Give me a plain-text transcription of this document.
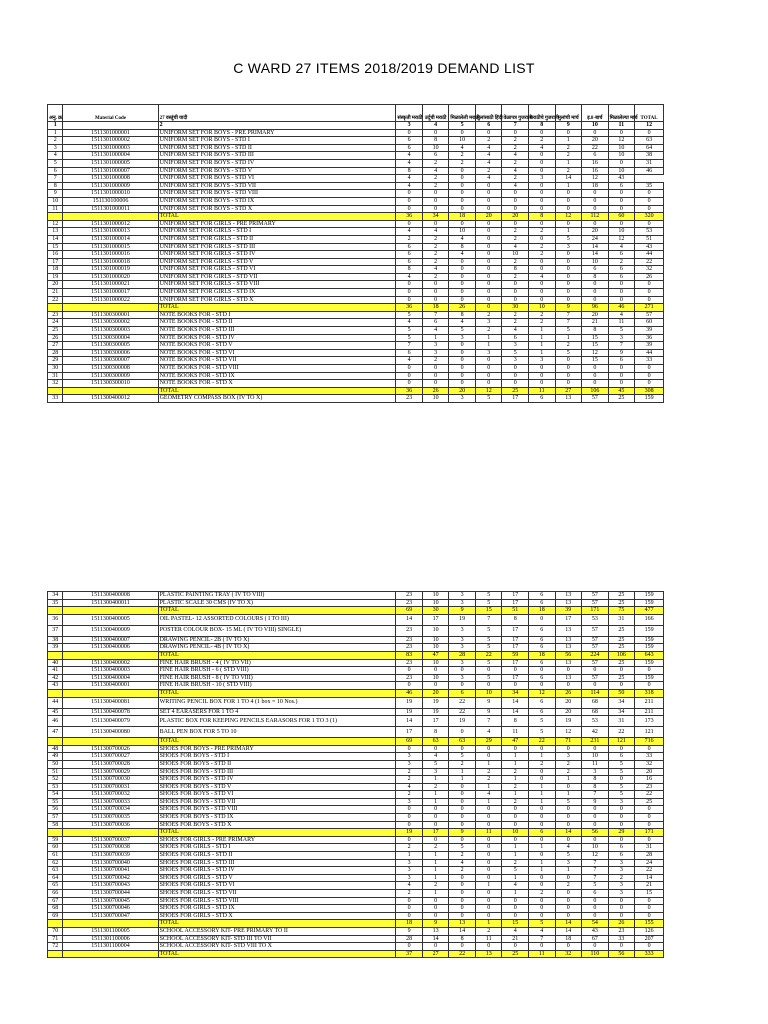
C WARD 27 ITEMS 2018/2019 DEMAND LIST
अनु. क्र.	Material Code	27 वस्तूंची यादी	संस्कृती मराठी	उर्दूची मराठी	मिळालेली मराठी	मुलांसाठी हिंदी	वेळापत्र गुजराती	मराठीचे गुजराती	मुलांची मार्च	इ.8-बार्च	मिळालेल्या मार्च	TOTAL
1		2	3	4	5	6	7	8	9	10	11	12
1	1511301000001	UNIFORM SET FOR BOYS - PRE PRIMARY	0	0	0	0	0	0	0	0	0	0
2	1511301000002	UNIFORM SET FOR BOYS - STD I	6	8	10	2	2	2	1	20	12	63
3	1511301000003	UNIFORM SET FOR BOYS - STD II	6	10	4	4	2	4	2	22	10	64
4	1511301000004	UNIFORM SET FOR BOYS - STD III	4	6	2	4	4	0	2	6	10	38
5	1511301000005	UNIFORM SET FOR BOYS - STD IV	4	2	2	4	2	0	1	16	0	31
6	1511301000007	UNIFORM SET FOR BOYS - STD V	8	4	0	2	4	0	2	16	10	46
7	1511301000008	UNIFORM SET FOR BOYS - STD VI	4	2	0	4	2	3	14	12	43	
8	1511301000009	UNIFORM SET FOR BOYS - STD VII	4	2	0	0	4	0	1	18	6	35
9	1511301000010	UNIFORM SET FOR BOYS - STD VIII	0	0	0	0	0	0	0	0	0	0
10	151130100006	UNIFORM SET FOR BOYS - STD IX	0	0	0	0	0	0	0	0	0	0
11	1511301000011	UNIFORM SET FOR BOYS - STD X	0	0	0	0	0	0	0	0	0	0
		TOTAL	36	34	18	20	20	8	12	112	60	320
12	1511301000012	UNIFORM SET FOR GIRLS - PRE PRIMARY	0	0	0	0	0	0	0	0	0	0
13	1511301000013	UNIFORM SET FOR GIRLS - STD I	4	4	10	0	2	2	1	20	10	53
14	1511301000014	UNIFORM SET FOR GIRLS - STD II	2	2	4	0	2	0	5	24	12	51
15	1511301000015	UNIFORM SET FOR GIRLS - STD III	6	2	8	0	4	2	3	14	4	43
16	1511301000016	UNIFORM SET FOR GIRLS - STD IV	6	2	4	0	10	2	0	14	6	44
17	1511301000018	UNIFORM SET FOR GIRLS - STD V	6	2	0	0	2	0	0	10	2	22
18	1511301000019	UNIFORM SET FOR GIRLS - STD VI	8	4	0	0	8	0	0	6	6	32
19	1511301000020	UNIFORM SET FOR GIRLS - STD VII	4	2	0	0	2	4	0	8	6	26
20	1511301000021	UNIFORM SET FOR GIRLS - STD VIII	0	0	0	0	0	0	0	0	0	0
21	1511301000017	UNIFORM SET FOR GIRLS - STD IX	0	0	0	0	0	0	0	0	0	0
22	1511301000022	UNIFORM SET FOR GIRLS - STD X	0	0	0	0	0	0	0	0	0	0
		TOTAL	36	18	26	0	30	10	9	96	46	271
23	1511300300001	NOTE BOOKS FOR - STD I	5	7	8	2	2	2	7	20	4	57
24	1511300300002	NOTE BOOKS FOR - STD II	4	6	4	3	2	2	7	21	11	60
25	1511300300003	NOTE BOOKS FOR - STD III	5	4	5	2	4	1	5	8	5	39
26	1511300300004	NOTE BOOKS FOR - STD IV	5	1	3	1	6	1	1	15	3	36
27	1511300300005	NOTE BOOKS FOR - STD V	7	3	0	1	3	1	2	15	7	39
28	1511300300006	NOTE BOOKS FOR - STD VI	6	3	0	3	5	1	5	12	9	44
29	1511300300007	NOTE BOOKS FOR - STD VII	4	2	0	0	3	3	0	15	6	33
30	1511300300008	NOTE BOOKS FOR - STD VIII	0	0	0	0	0	0	0	0	0	0
31	1511300300009	NOTE BOOKS FOR - STD IX	0	0	0	0	0	0	0	0	0	0
32	1511300300010	NOTE BOOKS FOR - STD X	0	0	0	0	0	0	0	0	0	0
		TOTAL	36	26	20	12	25	11	27	106	45	308
33	1511300400012	GEOMETRY COMPASS BOX (IV TO X)	23	10	3	5	17	6	13	57	25	159
34	1511300400008	PLASTIC PAINTING TRAY ( IV TO VIII)	23	10	3	5	17	6	13	57	25	159
35	1511300400011	PLASTIC SCALE 30 CMS (IV TO X)	23	10	3	5	17	6	13	57	25	159
		TOTAL	69	30	9	15	51	18	39	171	75	477
36	1511300400005	OIL PASTEL- 12 ASSORTED COLOURS ( I TO III)	14	17	19	7	8	0	17	53	31	166
37	1511300400009	POSTER COLOUR BOX- 15 ML ( IV TO VIII) SINGLE)	23	10	3	5	17	6	13	57	25	159
38	1511300400007	DRAWING PENCIL- 2B ( IV TO X)	23	10	3	5	17	6	13	57	25	159
39	1511300400006	DRAWING PENCIL- 4B ( IV TO X)	23	10	3	5	17	6	13	57	25	159
		TOTAL	83	47	28	22	59	18	56	224	106	643
40	1511300400002	FINE HAIR BRUSH - 4 ( IV TO VII)	23	10	3	5	17	6	13	57	25	159
41	1511300400003	FINE HAIR BRUSH - 6 ( STD VIII)	0	0	0	0	0	0	0	0	0	0
42	1511300400004	FINE HAIR BRUSH - 8 ( IV TO VIII)	23	10	3	5	17	6	13	57	25	159
43	1511300400001	FINE HAIR BRUSH - 10 ( STD VIII)	0	0	0	0	0	0	0	0	0	0
		TOTAL	46	20	6	10	34	12	26	114	50	318
44	1511300400081	WRITING PENCIL BOX FOR 1 TO 4 (1 box = 10 Nos.)	19	19	22	9	14	6	20	68	34	211
45	1511300400078	SET 4 EARASERS FOR 1 TO 4	19	19	22	9	14	6	20	68	34	211
46	1511300400079	PLASTIC BOX FOR KEEPING PENCILS EARASORS FOR 1 TO 3 (1)	14	17	19	7	8	5	19	53	31	173
47	1511300400080	BALL PEN BOX FOR 5 TO 10	17	8	0	4	11	5	12	42	22	121
		TOTAL	69	63	63	29	47	22	71	231	121	716
48	1511300700026	SHOES FOR BOYS - PRE PRIMARY	0	0	0	0	0	0	0	0	0	0
49	1511300700027	SHOES FOR BOYS - STD I	3	4	5	0	1	1	3	10	6	33
50	1511300700028	SHOES FOR BOYS - STD II	3	5	2	1	1	2	2	11	5	32
51	1511300700029	SHOES FOR BOYS - STD III	2	3	1	2	2	0	2	3	5	20
52	1511300700030	SHOES FOR BOYS - STD IV	2	1	1	2	1	0	1	8	0	16
53	1511300700031	SHOES FOR BOYS - STD V	4	2	0	1	2	1	0	8	5	23
54	1511300700032	SHOES FOR BOYS - STD VI	2	1	0	4	1	1	1	7	5	22
55	1511300700033	SHOES FOR BOYS - STD VII	3	1	0	1	2	1	5	9	3	25
56	1511300700034	SHOES FOR BOYS - STD VIII	0	0	0	0	0	0	0	0	0	0
57	1511300700035	SHOES FOR BOYS - STD IX	0	0	0	0	0	0	0	0	0	0
58	1511300700036	SHOES FOR BOYS - STD X	0	0	0	0	0	0	0	0	0	0
		TOTAL	19	17	9	11	10	6	14	56	29	171
59	1511300700037	SHOES FOR GIRLS - PRE PRIMARY	0	0	0	0	0	0	0	0	0	0
60	1511300700038	SHOES FOR GIRLS - STD I	2	2	5	0	1	1	4	10	6	31
61	1511300700039	SHOES FOR GIRLS - STD II	1	1	2	0	1	0	5	12	6	28
62	1511300700040	SHOES FOR GIRLS - STD III	3	1	4	0	2	1	3	7	3	24
63	1511300700041	SHOES FOR GIRLS - STD IV	3	1	2	0	5	1	1	7	3	22
64	1511300700042	SHOES FOR GIRLS - STD V	3	1	0	0	1	0	0	7	2	14
65	1511300700043	SHOES FOR GIRLS - STD VI	4	2	0	1	4	0	2	5	3	21
66	1511300700044	SHOES FOR GIRLS - STD VII	2	1	0	0	1	2	0	6	3	15
67	1511300700045	SHOES FOR GIRLS - STD VIII	0	0	0	0	0	0	0	0	0	0
68	1511300700046	SHOES FOR GIRLS - STD IX	0	0	0	0	0	0	0	0	0	0
69	1511300700047	SHOES FOR GIRLS - STD X	0	0	0	0	0	0	0	0	0	0
		TOTAL	18	9	13	1	15	5	14	54	26	155
70	1511301100005	SCHOOL ACCESSORY KIT- PRE PRIMARY TO II	9	13	14	2	4	4	14	43	23	126
71	1511301100006	SCHOOL ACCESSORY KIT- STD III TO VII	28	14	8	11	21	7	18	67	33	207
72	1511301100004	SCHOOL ACCESSORY KIT- STD VIII TO X	0	0	0	0	0	0	0	0	0	0
		TOTAL	37	27	22	13	25	11	32	110	56	333
